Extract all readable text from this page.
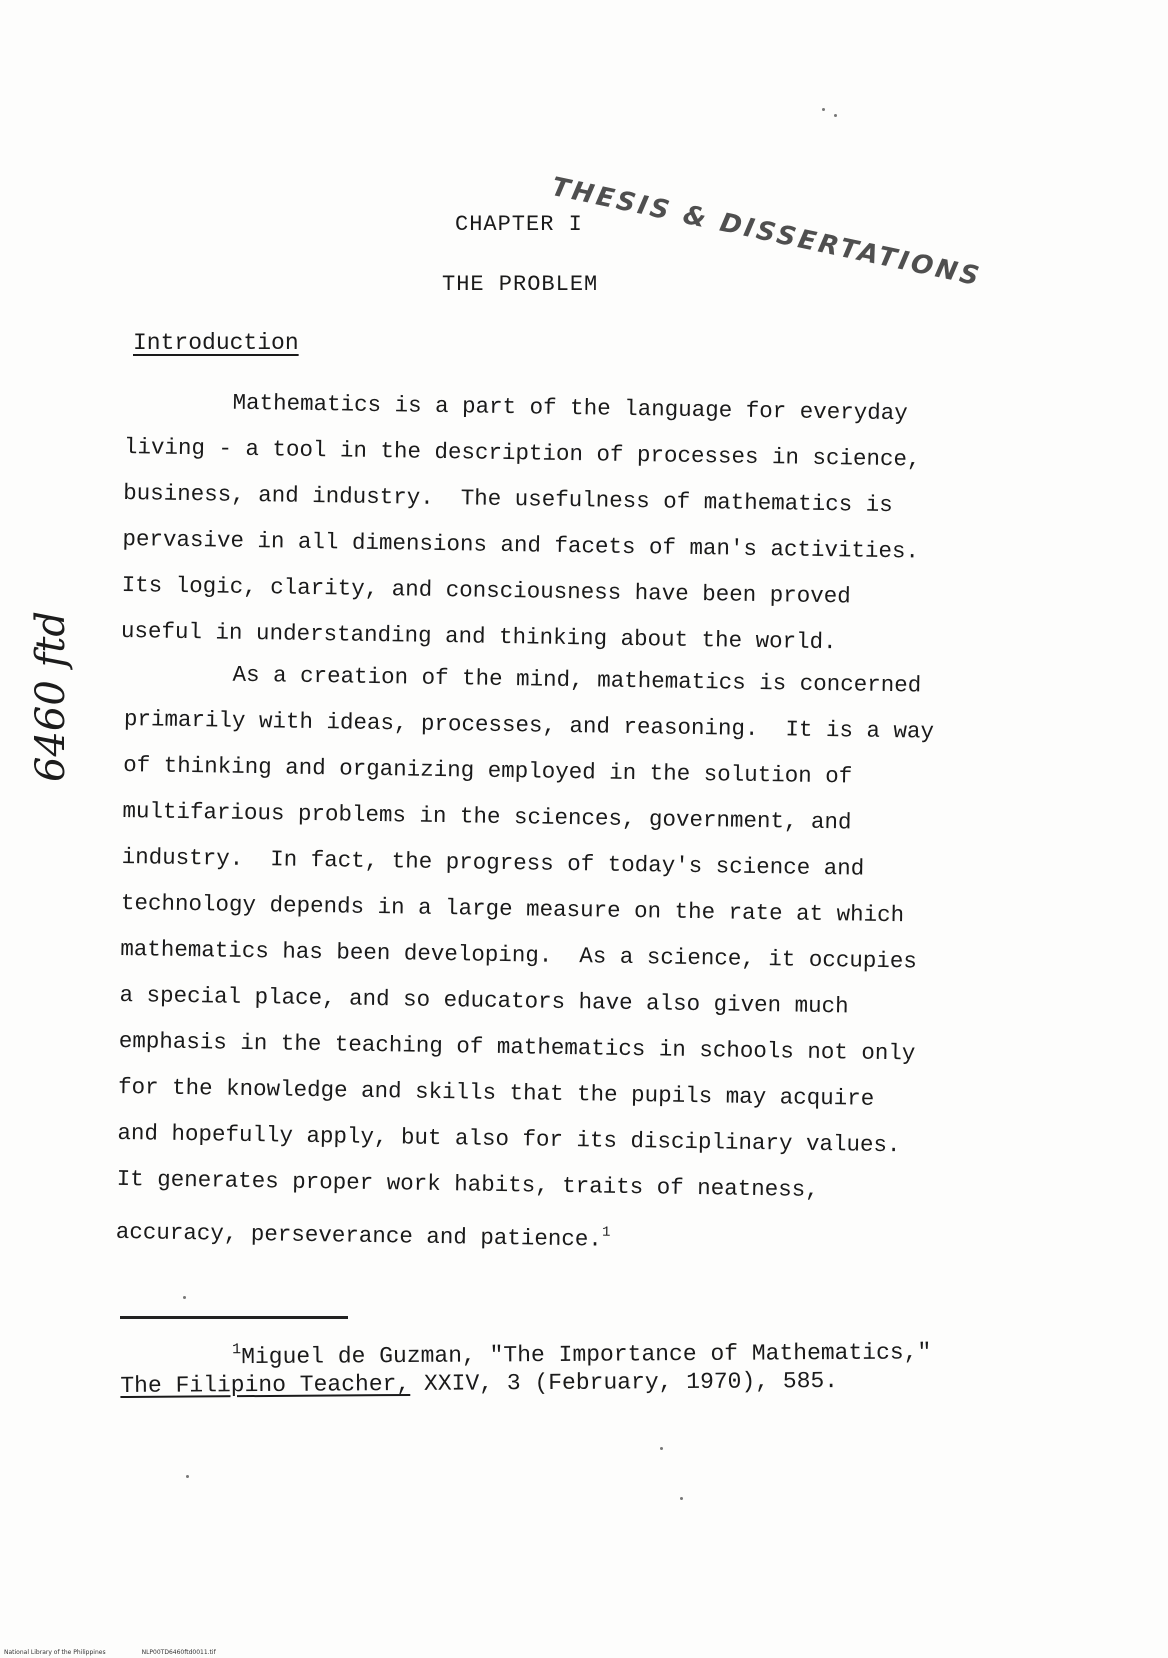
THESIS & DISSERTATIONS
CHAPTER I
THE PROBLEM
Introduction
Mathematics is a part of the language for everyday
living - a tool in the description of processes in science,
business, and industry.  The usefulness of mathematics is
pervasive in all dimensions and facets of man's activities.
Its logic, clarity, and consciousness have been proved
useful in understanding and thinking about the world.
As a creation of the mind, mathematics is concerned
primarily with ideas, processes, and reasoning.  It is a way
of thinking and organizing employed in the solution of
multifarious problems in the sciences, government, and
industry.  In fact, the progress of today's science and
technology depends in a large measure on the rate at which
mathematics has been developing.  As a science, it occupies
a special place, and so educators have also given much
emphasis in the teaching of mathematics in schools not only
for the knowledge and skills that the pupils may acquire
and hopefully apply, but also for its disciplinary values.
It generates proper work habits, traits of neatness,
accuracy, perseverance and patience.$^1$
6460 ftd
$^1$Miguel de Guzman, "The Importance of Mathematics,"
The Filipino Teacher, XXIV, 3 (February, 1970), 585.
National Library of the Philippines	NLP00TD6460ftd0011.tif
